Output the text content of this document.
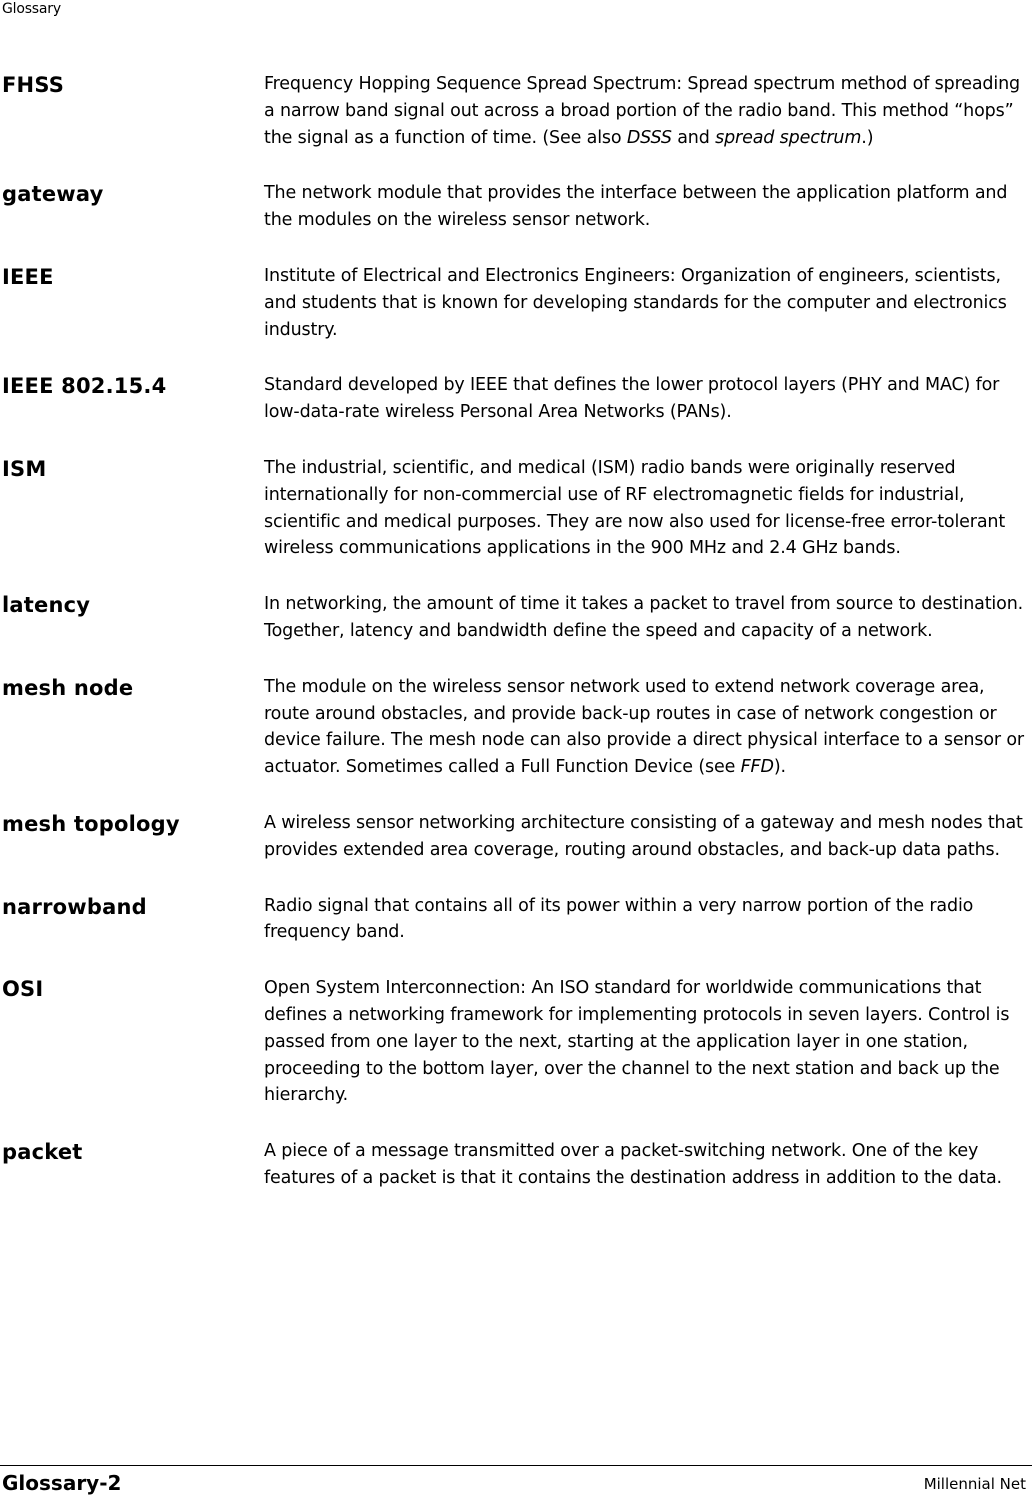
Glossary
FHSS	Frequency Hopping Sequence Spread Spectrum: Spread spectrum method of spreading a narrow band signal out across a broad portion of the radio band. This method “hops” the signal as a function of time. (See also DSSS and spread spectrum.)
gateway	The network module that provides the interface between the application platform and the modules on the wireless sensor network.
IEEE	Institute of Electrical and Electronics Engineers: Organization of engineers, scientists, and students that is known for developing standards for the computer and electronics industry.
IEEE 802.15.4	Standard developed by IEEE that defines the lower protocol layers (PHY and MAC) for low-data-rate wireless Personal Area Networks (PANs).
ISM	The industrial, scientific, and medical (ISM) radio bands were originally reserved internationally for non-commercial use of RF electromagnetic fields for industrial, scientific and medical purposes. They are now also used for license-free error-tolerant wireless communications applications in the 900 MHz and 2.4 GHz bands.
latency	In networking, the amount of time it takes a packet to travel from source to destination. Together, latency and bandwidth define the speed and capacity of a network.
mesh node	The module on the wireless sensor network used to extend network coverage area, route around obstacles, and provide back-up routes in case of network congestion or device failure. The mesh node can also provide a direct physical interface to a sensor or actuator. Sometimes called a Full Function Device (see FFD).
mesh topology	A wireless sensor networking architecture consisting of a gateway and mesh nodes that provides extended area coverage, routing around obstacles, and back-up data paths.
narrowband	Radio signal that contains all of its power within a very narrow portion of the radio frequency band.
OSI	Open System Interconnection: An ISO standard for worldwide communications that defines a networking framework for implementing protocols in seven layers. Control is passed from one layer to the next, starting at the application layer in one station, proceeding to the bottom layer, over the channel to the next station and back up the hierarchy.
packet	A piece of a message transmitted over a packet-switching network. One of the key features of a packet is that it contains the destination address in addition to the data.
Glossary-2	Millennial Net
